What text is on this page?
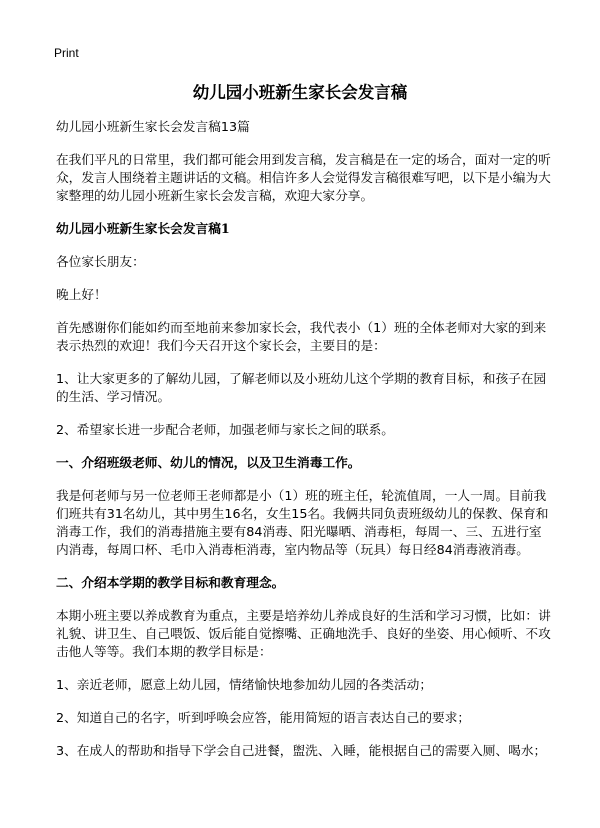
Print
幼儿园小班新生家长会发言稿

幼儿园小班新生家长会发言稿13篇

在我们平凡的日常里，我们都可能会用到发言稿，发言稿是在一定的场合，面对一定的听众，发言人围绕着主题讲话的文稿。相信许多人会觉得发言稿很难写吧，以下是小编为大家整理的幼儿园小班新生家长会发言稿，欢迎大家分享。

幼儿园小班新生家长会发言稿1

各位家长朋友：

晚上好！

首先感谢你们能如约而至地前来参加家长会，我代表小（1）班的全体老师对大家的到来表示热烈的欢迎！我们今天召开这个家长会，主要目的是：

1、让大家更多的了解幼儿园，了解老师以及小班幼儿这个学期的教育目标，和孩子在园的生活、学习情况。

2、希望家长进一步配合老师，加强老师与家长之间的联系。

一、介绍班级老师、幼儿的情况，以及卫生消毒工作。

我是何老师与另一位老师王老师都是小（1）班的班主任，轮流值周，一人一周。目前我们班共有31名幼儿，其中男生16名，女生15名。我俩共同负责班级幼儿的保教、保育和消毒工作，我们的消毒措施主要有84消毒、阳光曝晒、消毒柜，每周一、三、五进行室内消毒，每周口杯、毛巾入消毒柜消毒，室内物品等（玩具）每日经84消毒液消毒。

二、介绍本学期的教学目标和教育理念。

本期小班主要以养成教育为重点，主要是培养幼儿养成良好的生活和学习习惯，比如：讲礼貌、讲卫生、自己喂饭、饭后能自觉擦嘴、正确地洗手、良好的坐姿、用心倾听、不攻击他人等等。我们本期的教学目标是：

1、亲近老师，愿意上幼儿园，情绪愉快地参加幼儿园的各类活动；

2、知道自己的名字，听到呼唤会应答，能用简短的语言表达自己的要求；

3、在成人的帮助和指导下学会自己进餐，盥洗、入睡，能根据自己的需要入厕、喝水；
